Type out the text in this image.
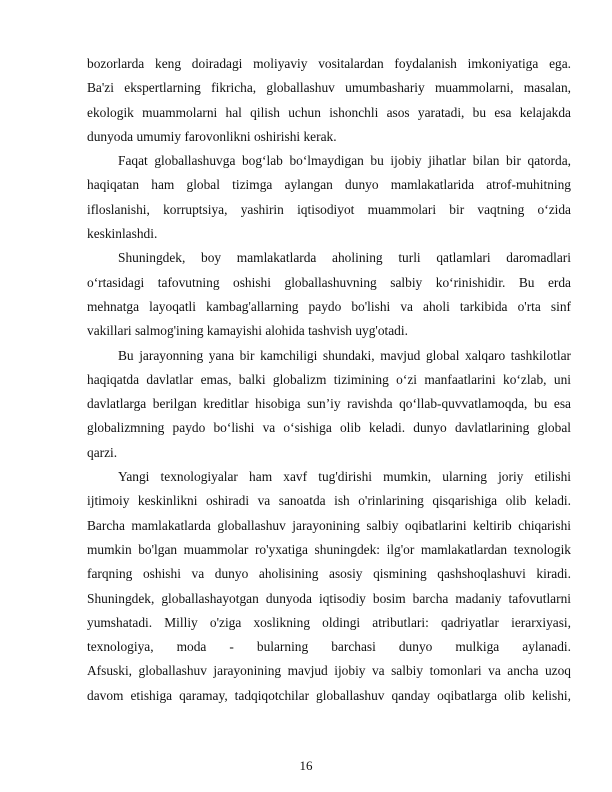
bozorlarda keng doiradagi moliyaviy vositalardan foydalanish imkoniyatiga ega.

Ba'zi ekspertlarning fikricha, globallashuv umumbashariy muammolarni, masalan,

ekologik muammolarni hal qilish uchun ishonchli asos yaratadi, bu esa kelajakda

dunyoda umumiy farovonlikni oshirishi kerak.

Faqat globallashuvga bog‘lab bo‘lmaydigan bu ijobiy jihatlar bilan bir qatorda,

haqiqatan ham global tizimga aylangan dunyo mamlakatlarida atrof-muhitning

ifloslanishi, korruptsiya, yashirin iqtisodiyot muammolari bir vaqtning o‘zida

keskinlashdi.

Shuningdek, boy mamlakatlarda aholining turli qatlamlari daromadlari

o‘rtasidagi tafovutning oshishi globallashuvning salbiy ko‘rinishidir. Bu erda

mehnatga layoqatli kambag'allarning paydo bo'lishi va aholi tarkibida o'rta sinf

vakillari salmog'ining kamayishi alohida tashvish uyg'otadi.

Bu jarayonning yana bir kamchiligi shundaki, mavjud global xalqaro tashkilotlar

haqiqatda davlatlar emas, balki globalizm tizimining o‘zi manfaatlarini ko‘zlab, uni

davlatlarga berilgan kreditlar hisobiga sun’iy ravishda qo‘llab-quvvatlamoqda, bu esa

globalizmning paydo bo‘lishi va o‘sishiga olib keladi. dunyo davlatlarining global

qarzi.

Yangi texnologiyalar ham xavf tug'dirishi mumkin, ularning joriy etilishi

ijtimoiy keskinlikni oshiradi va sanoatda ish o'rinlarining qisqarishiga olib keladi.

Barcha mamlakatlarda globallashuv jarayonining salbiy oqibatlarini keltirib chiqarishi

mumkin bo'lgan muammolar ro'yxatiga shuningdek: ilg'or mamlakatlardan texnologik

farqning oshishi va dunyo aholisining asosiy qismining qashshoqlashuvi kiradi.

Shuningdek, globallashayotgan dunyoda iqtisodiy bosim barcha madaniy tafovutlarni

yumshatadi. Milliy o'ziga xoslikning oldingi atributlari: qadriyatlar ierarxiyasi,

texnologiya, moda - bularning barchasi dunyo mulkiga aylanadi.

Afsuski, globallashuv jarayonining mavjud ijobiy va salbiy tomonlari va ancha uzoq

davom etishiga qaramay, tadqiqotchilar globallashuv qanday oqibatlarga olib kelishi,

16
